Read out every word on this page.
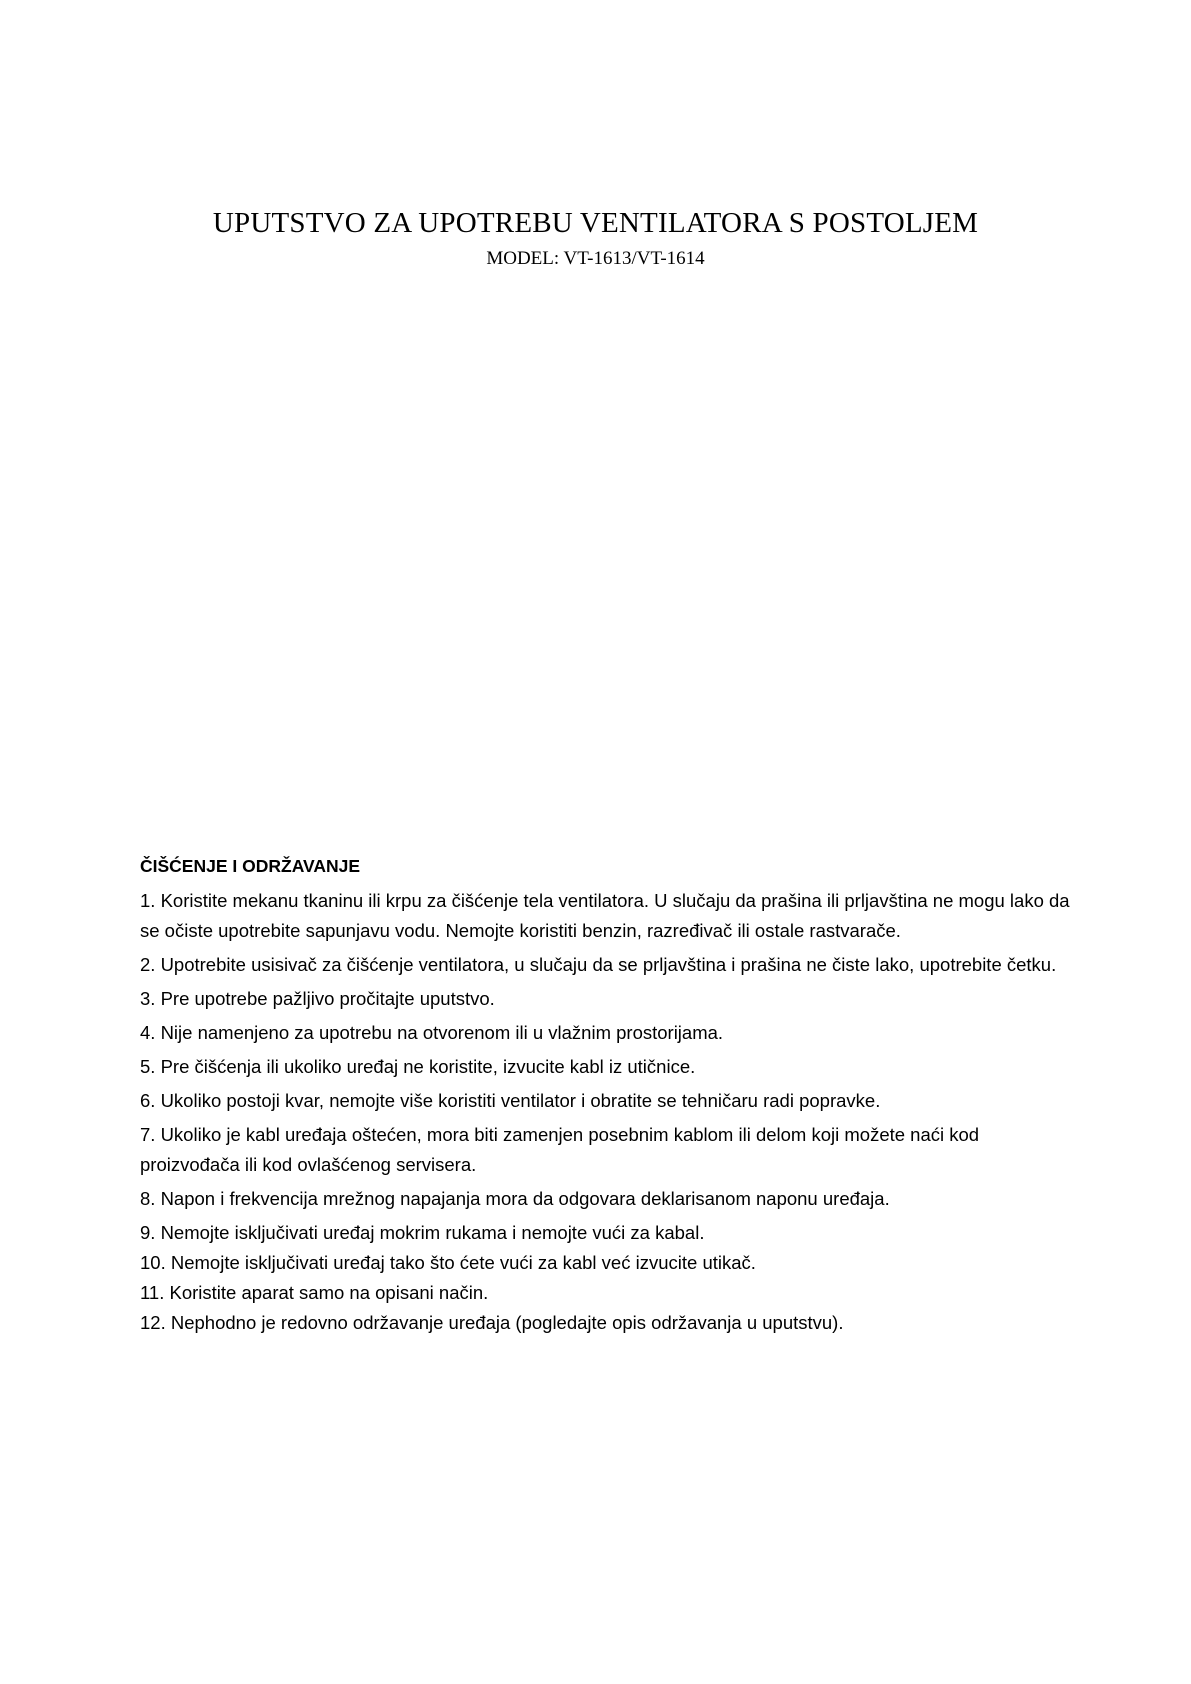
UPUTSTVO ZA UPOTREBU VENTILATORA S POSTOLJEM
MODEL: VT-1613/VT-1614
ČIŠĆENJE I ODRŽAVANJE
1. Koristite mekanu tkaninu ili krpu za čišćenje tela ventilatora. U slučaju da prašina ili prljavština ne mogu lako da se očiste upotrebite sapunjavu vodu. Nemojte koristiti benzin, razređivač ili ostale rastvarače.
2. Upotrebite usisivač za čišćenje ventilatora, u slučaju da se prljavština i prašina ne čiste lako, upotrebite četku.
3. Pre upotrebe pažljivo pročitajte uputstvo.
4. Nije namenjeno za upotrebu na otvorenom ili u vlažnim prostorijama.
5. Pre čišćenja ili ukoliko uređaj ne koristite, izvucite kabl iz utičnice.
6. Ukoliko postoji kvar, nemojte više koristiti ventilator i obratite se tehničaru radi popravke.
7. Ukoliko je kabl uređaja oštećen, mora biti zamenjen posebnim kablom ili delom koji možete naći kod proizvođača ili kod ovlašćenog servisera.
8. Napon i frekvencija mrežnog napajanja mora da odgovara deklarisanom naponu uređaja.
9. Nemojte isključivati uređaj mokrim rukama i nemojte vući za kabal.
10. Nemojte isključivati uređaj tako što ćete vući za kabl već izvucite utikač.
11. Koristite aparat samo na opisani način.
12. Nephodno je redovno održavanje uređaja (pogledajte opis održavanja u uputstvu).
